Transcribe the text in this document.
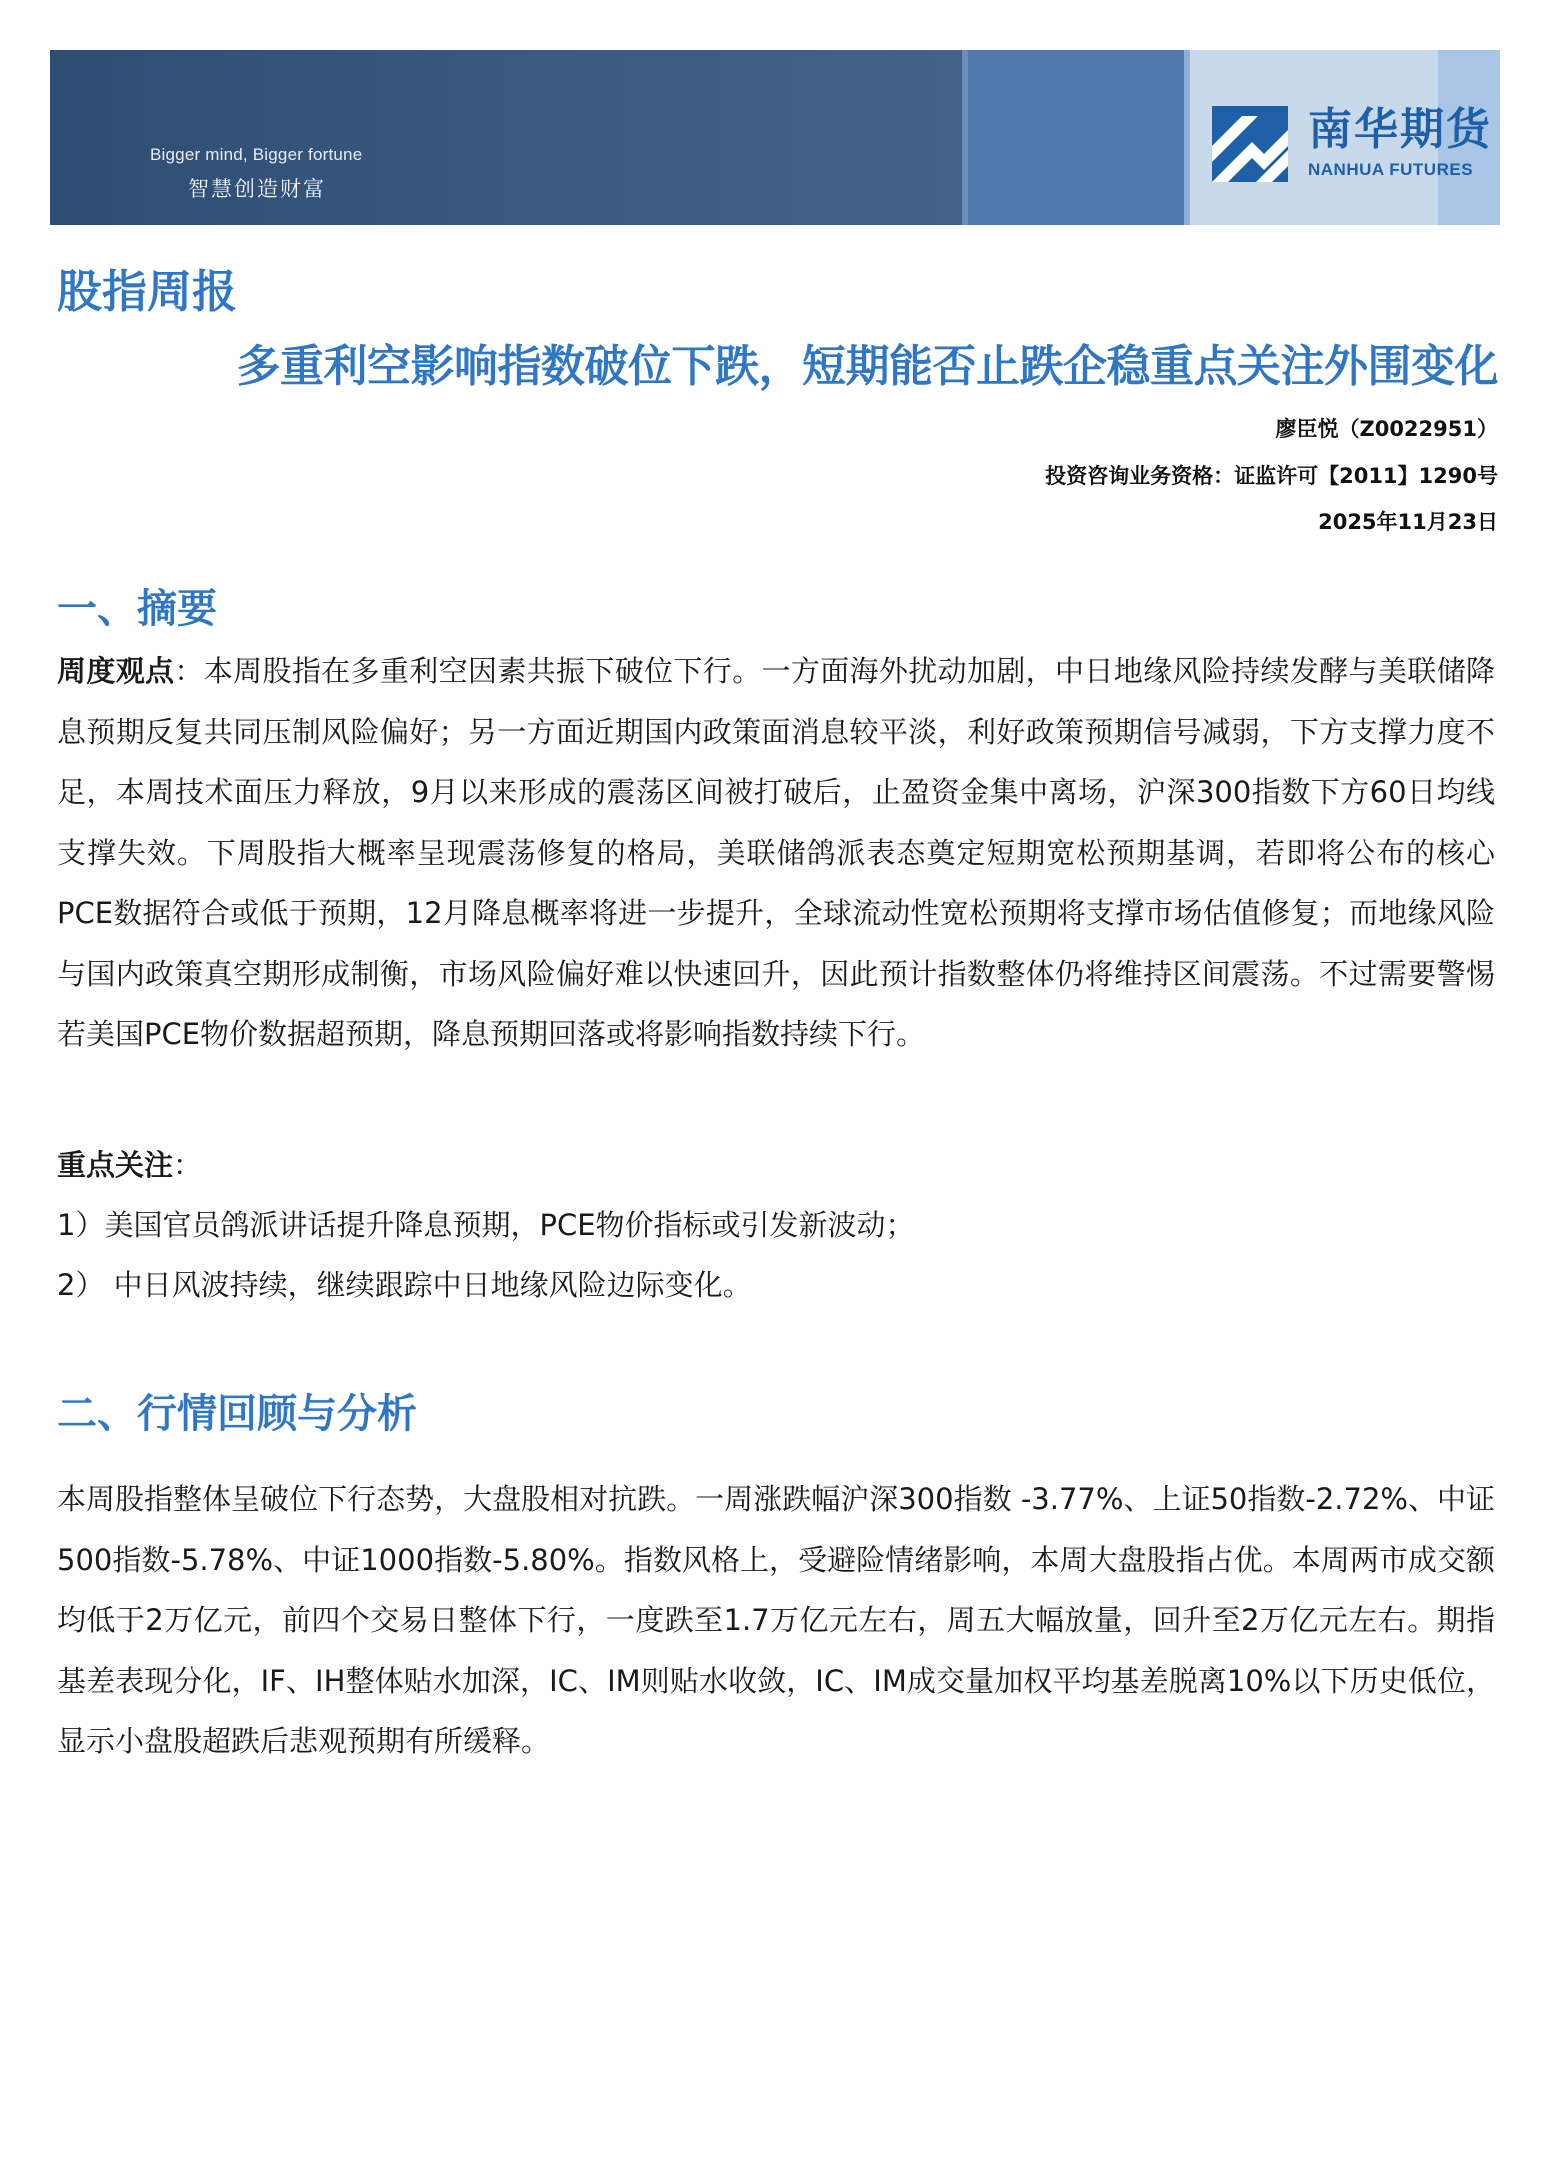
Bigger mind, Bigger fortune
智慧创造财富
南华期货
NANHUA FUTURES
股指周报
多重利空影响指数破位下跌，短期能否止跌企稳重点关注外围变化
廖臣悦（Z0022951）
投资咨询业务资格：证监许可【2011】1290号
2025年11月23日
一、摘要
周度观点：本周股指在多重利空因素共振下破位下行。一方面海外扰动加剧，中日地缘风险持续发酵与美联储降息预期反复共同压制风险偏好；另一方面近期国内政策面消息较平淡，利好政策预期信号减弱，下方支撑力度不足，本周技术面压力释放，9月以来形成的震荡区间被打破后，止盈资金集中离场，沪深300指数下方60日均线支撑失效。下周股指大概率呈现震荡修复的格局，美联储鸽派表态奠定短期宽松预期基调，若即将公布的核心PCE数据符合或低于预期，12月降息概率将进一步提升，全球流动性宽松预期将支撑市场估值修复；而地缘风险与国内政策真空期形成制衡，市场风险偏好难以快速回升，因此预计指数整体仍将维持区间震荡。不过需要警惕若美国PCE物价数据超预期，降息预期回落或将影响指数持续下行。
重点关注：
1）美国官员鸽派讲话提升降息预期，PCE物价指标或引发新波动；
2） 中日风波持续，继续跟踪中日地缘风险边际变化。
二、行情回顾与分析
本周股指整体呈破位下行态势，大盘股相对抗跌。一周涨跌幅沪深300指数 -3.77%、上证50指数-2.72%、中证500指数-5.78%、中证1000指数-5.80%。指数风格上，受避险情绪影响，本周大盘股指占优。本周两市成交额均低于2万亿元，前四个交易日整体下行，一度跌至1.7万亿元左右，周五大幅放量，回升至2万亿元左右。期指基差表现分化，IF、IH整体贴水加深，IC、IM则贴水收敛，IC、IM成交量加权平均基差脱离10%以下历史低位，显示小盘股超跌后悲观预期有所缓释。
